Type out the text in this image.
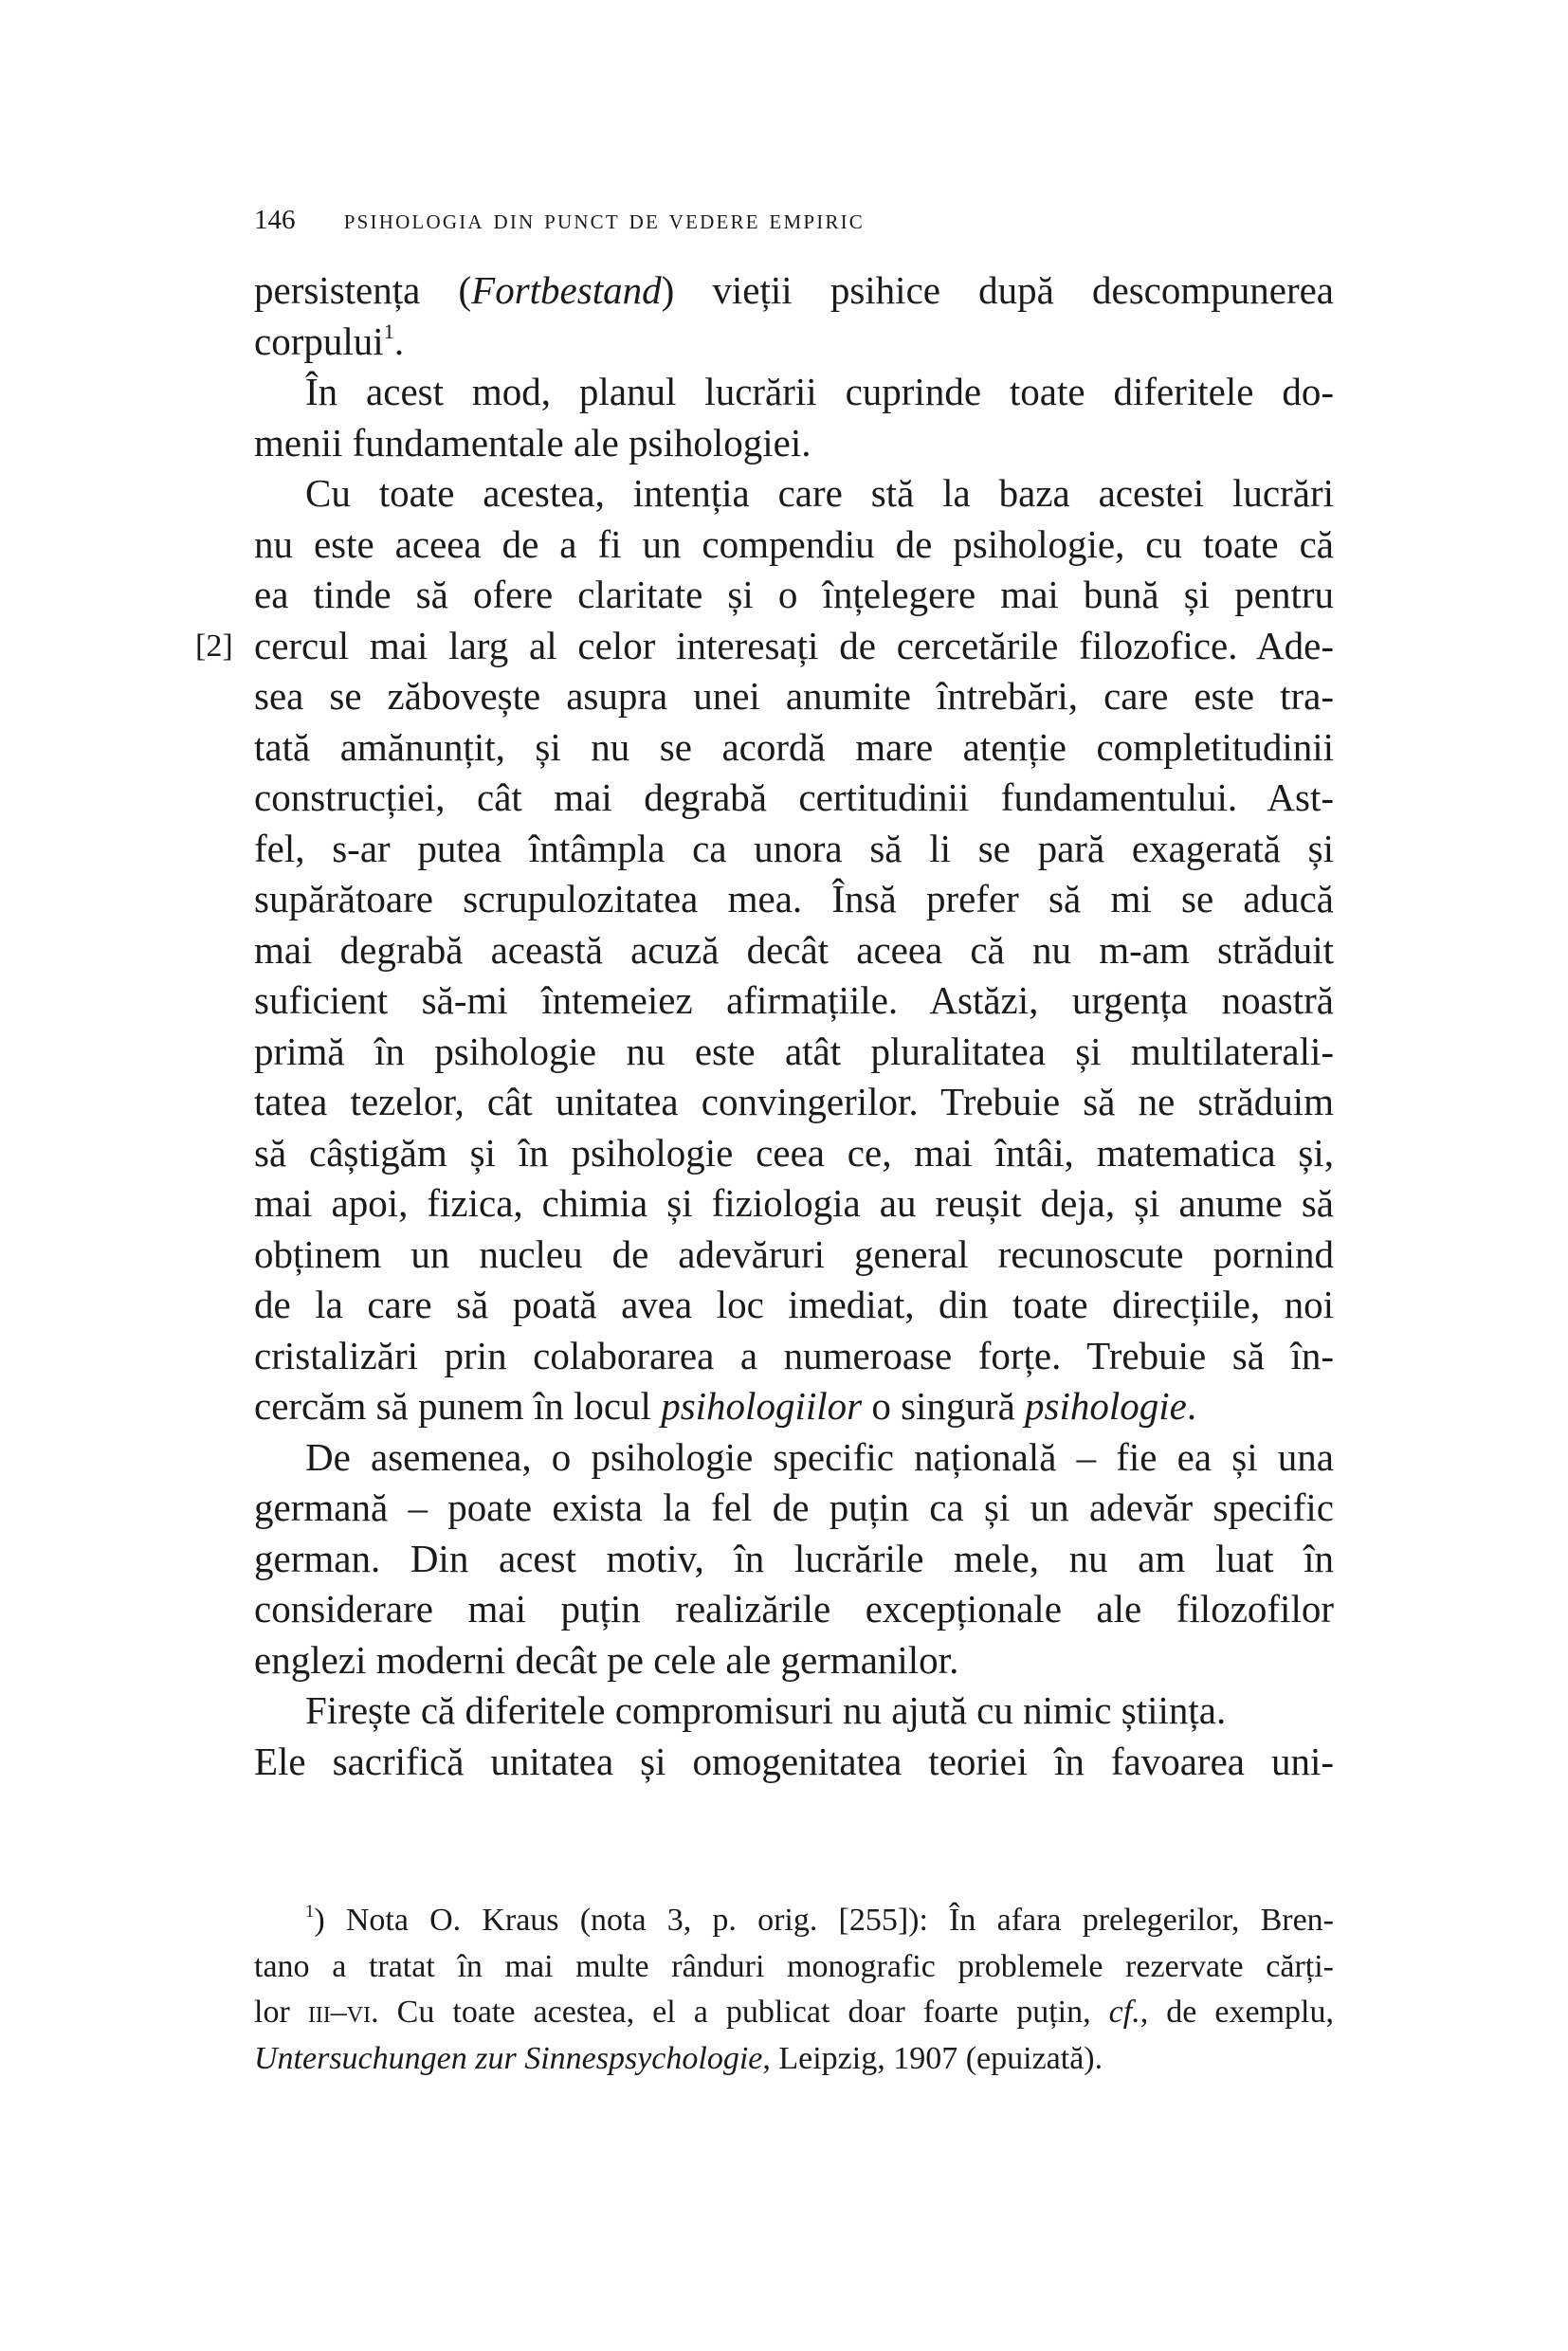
146 psihologia din punct de vedere empiric
persistența (Fortbestand) vieții psihice după descompunerea
corpului$^1$.
În acest mod, planul lucrării cuprinde toate diferitele do-
menii fundamentale ale psihologiei.
Cu toate acestea, intenția care stă la baza acestei lucrări
nu este aceea de a fi un compendiu de psihologie, cu toate că
ea tinde să ofere claritate și o înțelegere mai bună și pentru
[2] cercul mai larg al celor interesați de cercetările filozofice. Ade-
sea se zăbovește asupra unei anumite întrebări, care este tra-
tată amănunțit, și nu se acordă mare atenție completitudinii
construcției, cât mai degrabă certitudinii fundamentului. Ast-
fel, s-ar putea întâmpla ca unora să li se pară exagerată și
supărătoare scrupulozitatea mea. Însă prefer să mi se aducă
mai degrabă această acuză decât aceea că nu m-am străduit
suficient să-mi întemeiez afirmațiile. Astăzi, urgența noastră
primă în psihologie nu este atât pluralitatea și multilaterali-
tatea tezelor, cât unitatea convingerilor. Trebuie să ne străduim
să câștigăm și în psihologie ceea ce, mai întâi, matematica și,
mai apoi, fizica, chimia și fiziologia au reușit deja, și anume să
obținem un nucleu de adevăruri general recunoscute pornind
de la care să poată avea loc imediat, din toate direcțiile, noi
cristalizări prin colaborarea a numeroase forțe. Trebuie să în-
cercăm să punem în locul psihologiilor o singură psihologie.
De asemenea, o psihologie specific națională – fie ea și una
germană – poate exista la fel de puțin ca și un adevăr specific
german. Din acest motiv, în lucrările mele, nu am luat în
considerare mai puțin realizările excepționale ale filozofilor
englezi moderni decât pe cele ale germanilor.
Firește că diferitele compromisuri nu ajută cu nimic știința.
Ele sacrifică unitatea și omogenitatea teoriei în favoarea uni-
$^1$) Nota O. Kraus (nota 3, p. orig. [255]): În afara prelegerilor, Bren-
tano a tratat în mai multe rânduri monografic problemele rezervate cărți-
lor iii–vi. Cu toate acestea, el a publicat doar foarte puțin, cf., de exemplu,
Untersuchungen zur Sinnespsychologie, Leipzig, 1907 (epuizată).
